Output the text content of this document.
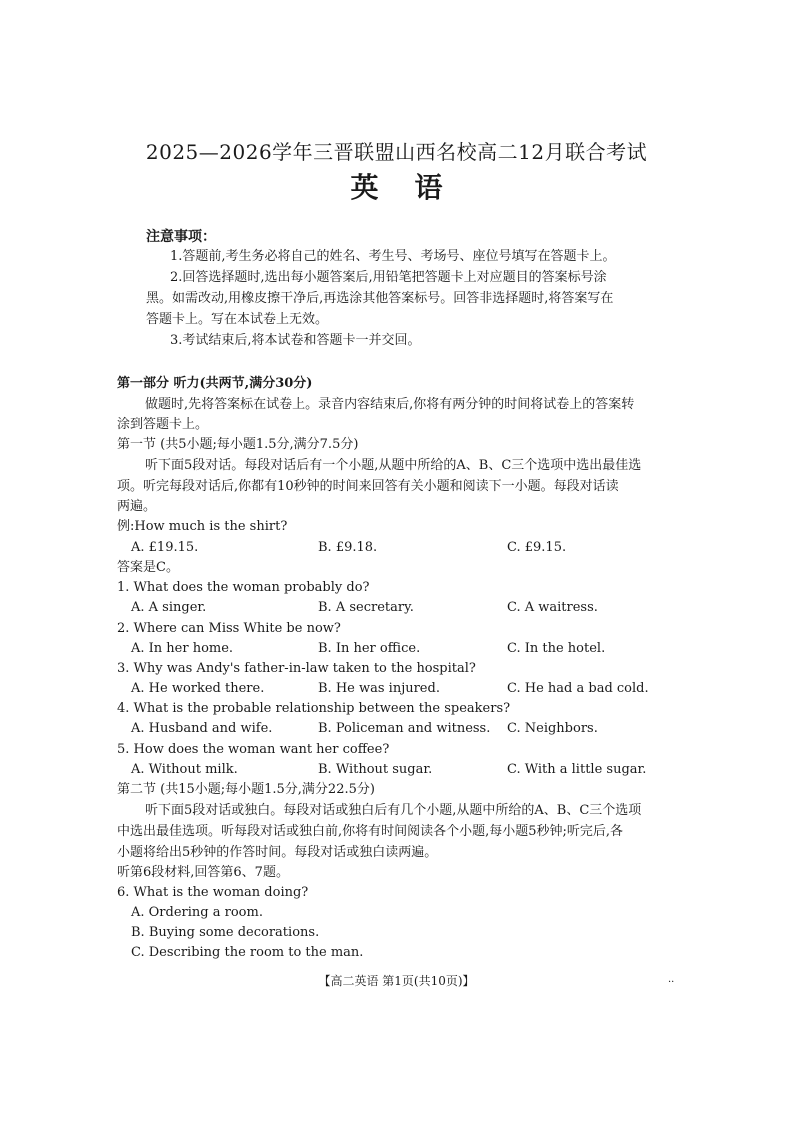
2025—2026学年三晋联盟山西名校高二12月联合考试
英语
注意事项：
1.答题前,考生务必将自己的姓名、考生号、考场号、座位号填写在答题卡上。
2.回答选择题时,选出每小题答案后,用铅笔把答题卡上对应题目的答案标号涂
黑。如需改动,用橡皮擦干净后,再选涂其他答案标号。回答非选择题时,将答案写在
答题卡上。写在本试卷上无效。
3.考试结束后,将本试卷和答题卡一并交回。
第一部分 听力(共两节,满分30分)
做题时,先将答案标在试卷上。录音内容结束后,你将有两分钟的时间将试卷上的答案转
涂到答题卡上。
第一节 (共5小题;每小题1.5分,满分7.5分)
听下面5段对话。每段对话后有一个小题,从题中所给的A、B、C三个选项中选出最佳选
项。听完每段对话后,你都有10秒钟的时间来回答有关小题和阅读下一小题。每段对话读
两遍。
例:How much is the shirt?
A. £19.15.	B. £9.18.	C. £9.15.
答案是C。
1. What does the woman probably do?
A. A singer.	B. A secretary.	C. A waitress.
2. Where can Miss White be now?
A. In her home.	B. In her office.	C. In the hotel.
3. Why was Andy's father-in-law taken to the hospital?
A. He worked there.	B. He was injured.	C. He had a bad cold.
4. What is the probable relationship between the speakers?
A. Husband and wife.	B. Policeman and witness. C. Neighbors.
5. How does the woman want her coffee?
A. Without milk.	B. Without sugar.	C. With a little sugar.
第二节 (共15小题;每小题1.5分,满分22.5分)
听下面5段对话或独白。每段对话或独白后有几个小题,从题中所给的A、B、C三个选项
中选出最佳选项。听每段对话或独白前,你将有时间阅读各个小题,每小题5秒钟;听完后,各
小题将给出5秒钟的作答时间。每段对话或独白读两遍。
听第6段材料,回答第6、7题。
6. What is the woman doing?
A. Ordering a room.
B. Buying some decorations.
C. Describing the room to the man.
【高二英语 第1页(共10页)】	··
